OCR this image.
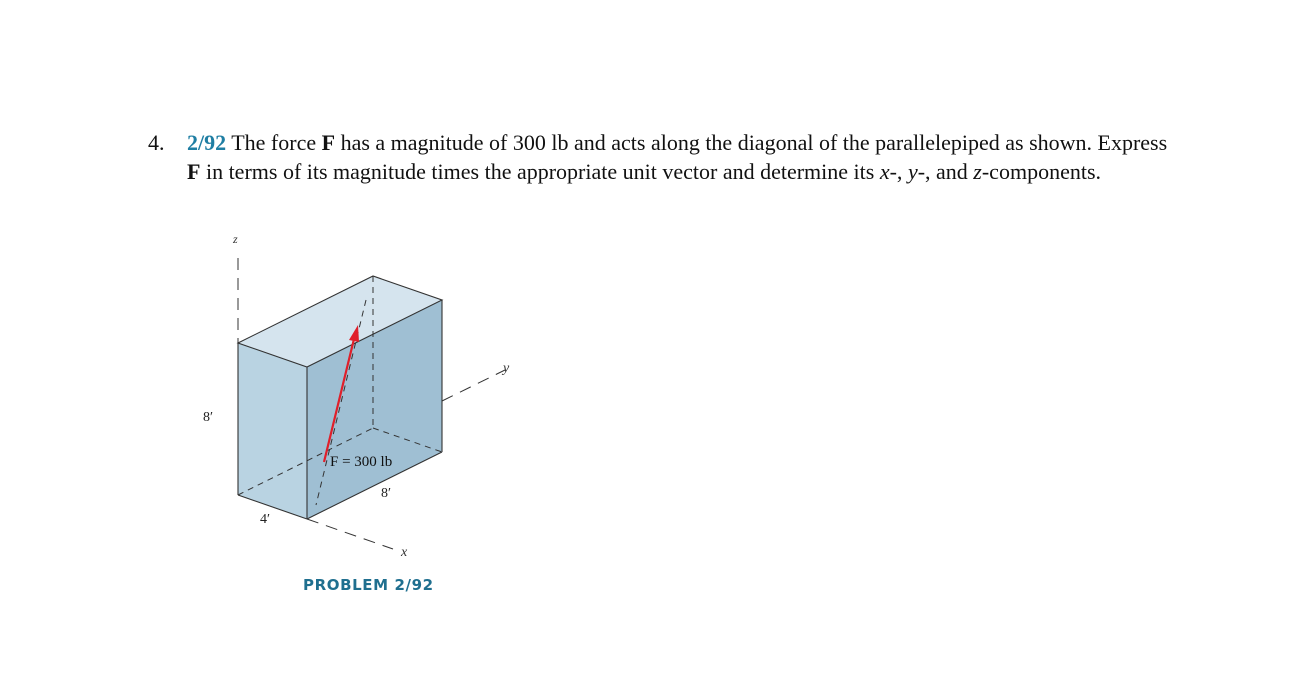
4. 2/92 The force F has a magnitude of 300 lb and acts along the diagonal of the parallelepiped as shown. Express F in terms of its magnitude times the appropriate unit vector and determine its x-, y-, and z-components.
z
y
x
8′
4′
8′
F = 300 lb
PROBLEM 2/92
